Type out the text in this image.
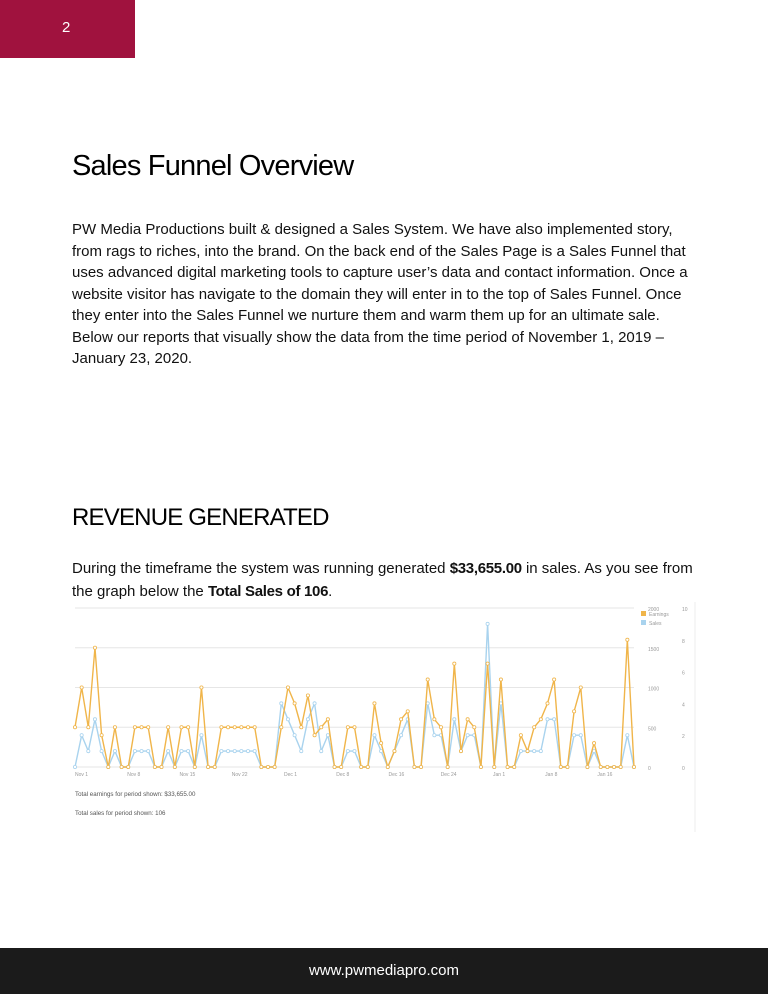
2
Sales Funnel Overview

PW Media Productions built & designed a Sales System. We have also implemented story, from rags to riches, into the brand. On the back end of the Sales Page is a Sales Funnel that uses advanced digital marketing tools to capture user’s data and contact information. Once a website visitor has navigate to the domain they will enter in to the top of Sales Funnel. Once they enter into the Sales Funnel we nurture them and warm them up for an ultimate sale. Below our reports that visually show the data from the time period of November 1, 2019 – January 23, 2020.

REVENUE GENERATED

During the timeframe the system was running generated $33,655.00 in sales. As you see from the graph below the Total Sales of 106.

2000
1500
1000
500
0
10
8
6
4
2
0
Nov 1	Nov 8	Nov 15	Nov 22	Dec 1	Dec 8	Dec 16	Dec 24	Jan 1	Jan 8	Jan 16
Earnings
Sales
Total earnings for period shown: $33,655.00
Total sales for period shown: 106
www.pwmediapro.com
